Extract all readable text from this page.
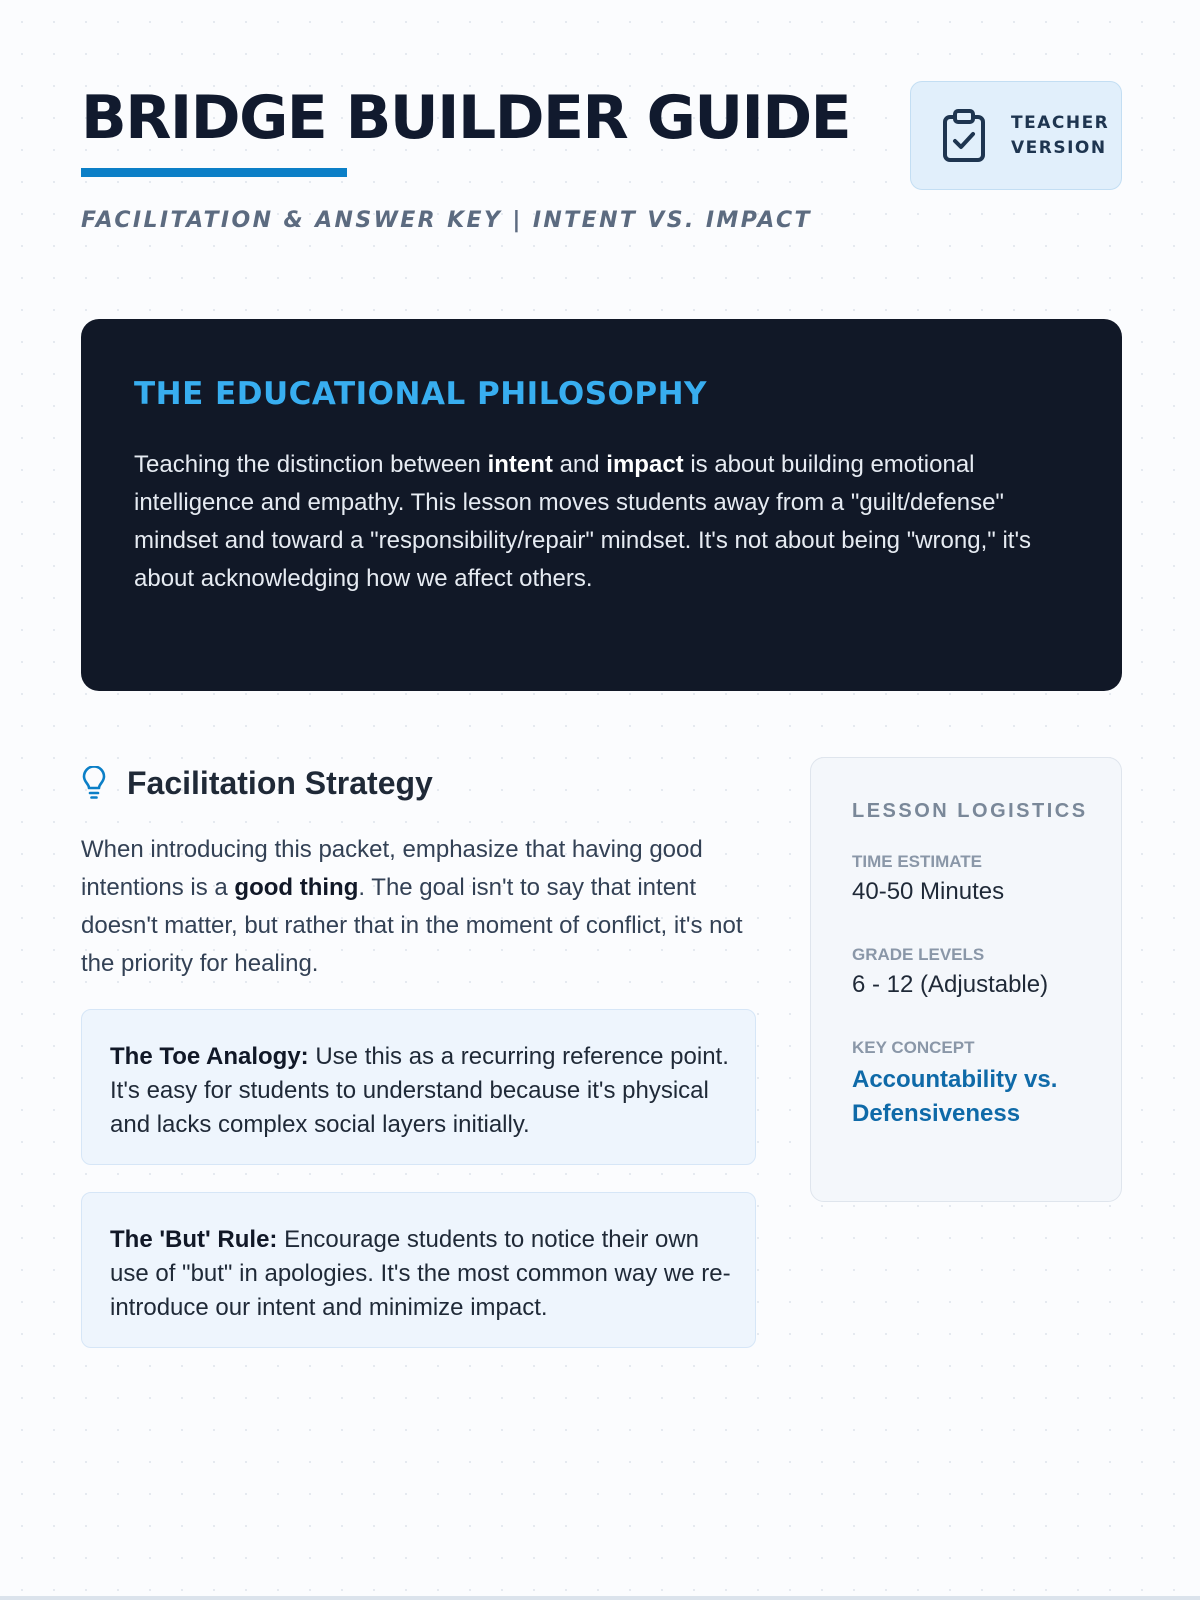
BRIDGE BUILDER GUIDE
FACILITATION & ANSWER KEY | INTENT VS. IMPACT
TEACHER
VERSION
THE EDUCATIONAL PHILOSOPHY

Teaching the distinction between intent and impact is about building emotional intelligence and empathy. This lesson moves students away from a "guilt/defense" mindset and toward a "responsibility/repair" mindset. It's not about being "wrong," it's about acknowledging how we affect others.

Facilitation Strategy

When introducing this packet, emphasize that having good intentions is a good thing. The goal isn't to say that intent doesn't matter, but rather that in the moment of conflict, it's not the priority for healing.

The Toe Analogy: Use this as a recurring reference point. It's easy for students to understand because it's physical and lacks complex social layers initially.
The 'But' Rule: Encourage students to notice their own use of "but" in apologies. It's the most common way we re-introduce our intent and minimize impact.
LESSON LOGISTICS
TIME ESTIMATE
40-50 Minutes
GRADE LEVELS
6 - 12 (Adjustable)
KEY CONCEPT
Accountability vs. Defensiveness
